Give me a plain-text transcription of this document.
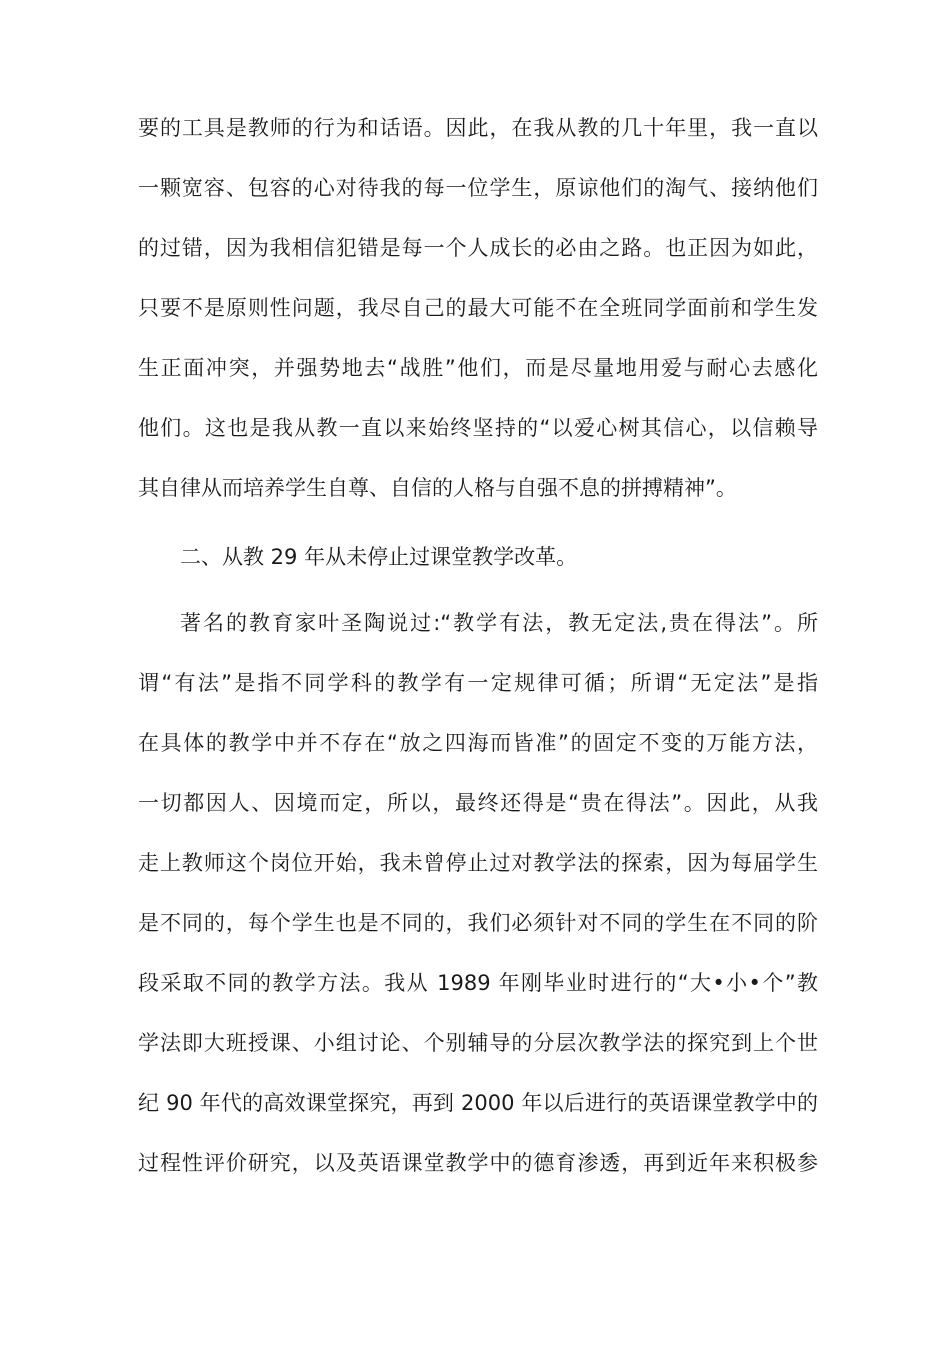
要的工具是教师的行为和话语。因此，在我从教的几十年里，我一直以
一颗宽容、包容的心对待我的每一位学生，原谅他们的淘气、接纳他们
的过错，因为我相信犯错是每一个人成长的必由之路。也正因为如此，
只要不是原则性问题，我尽自己的最大可能不在全班同学面前和学生发
生正面冲突，并强势地去“战胜”他们，而是尽量地用爱与耐心去感化
他们。这也是我从教一直以来始终坚持的“以爱心树其信心，以信赖导
其自律从而培养学生自尊、自信的人格与自强不息的拼搏精神”。
二、从教 29 年从未停止过课堂教学改革。
著名的教育家叶圣陶说过:“教学有法，教无定法,贵在得法”。所
谓“有法”是指不同学科的教学有一定规律可循；所谓“无定法”是指
在具体的教学中并不存在“放之四海而皆准”的固定不变的万能方法，
一切都因人、因境而定，所以，最终还得是“贵在得法”。因此，从我
走上教师这个岗位开始，我未曾停止过对教学法的探索，因为每届学生
是不同的，每个学生也是不同的，我们必须针对不同的学生在不同的阶
段采取不同的教学方法。我从 1989 年刚毕业时进行的“大•小•个”教
学法即大班授课、小组讨论、个别辅导的分层次教学法的探究到上个世
纪 90 年代的高效课堂探究，再到 2000 年以后进行的英语课堂教学中的
过程性评价研究，以及英语课堂教学中的德育渗透，再到近年来积极参
